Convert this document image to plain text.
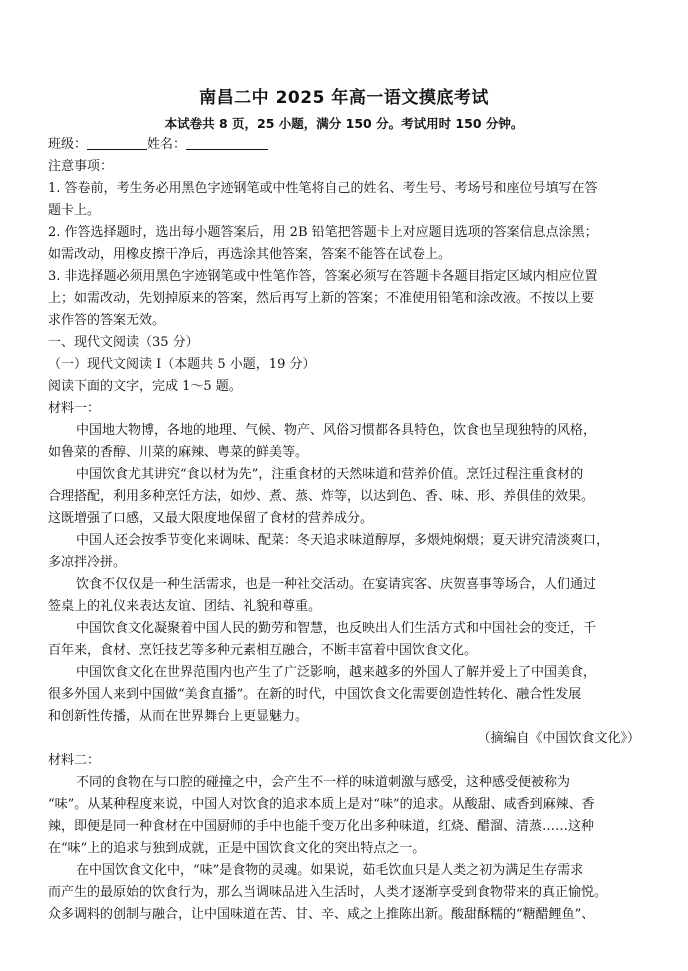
南昌二中 2025 年高一语文摸底考试
本试卷共 8 页，25 小题，满分 150 分。考试用时 150 分钟。
班级：	姓名：
注意事项：
1. 答卷前，考生务必用黑色字迹钢笔或中性笔将自己的姓名、考生号、考场号和座位号填写在答
题卡上。
2. 作答选择题时，选出每小题答案后，用 2B 铅笔把答题卡上对应题目选项的答案信息点涂黑；
如需改动，用橡皮擦干净后，再选涂其他答案，答案不能答在试卷上。
3. 非选择题必须用黑色字迹钢笔或中性笔作答，答案必须写在答题卡各题目指定区域内相应位置
上；如需改动，先划掉原来的答案，然后再写上新的答案；不准使用铅笔和涂改液。不按以上要
求作答的答案无效。
一、现代文阅读（35 分）
（一）现代文阅读 I（本题共 5 小题，19 分）
阅读下面的文字，完成 1～5 题。
材料一：
中国地大物博，各地的地理、气候、物产、风俗习惯都各具特色，饮食也呈现独特的风格，
如鲁菜的香醇、川菜的麻辣、粤菜的鲜美等。
中国饮食尤其讲究“食以材为先”，注重食材的天然味道和营养价值。烹饪过程注重食材的
合理搭配，利用多种烹饪方法，如炒、煮、蒸、炸等，以达到色、香、味、形、养俱佳的效果。
这既增强了口感，又最大限度地保留了食材的营养成分。
中国人还会按季节变化来调味、配菜：冬天追求味道醇厚，多煨炖焖煨；夏天讲究清淡爽口，
多凉拌冷拼。
饮食不仅仅是一种生活需求，也是一种社交活动。在宴请宾客、庆贺喜事等场合，人们通过
签桌上的礼仪来表达友谊、团结、礼貌和尊重。
中国饮食文化凝聚着中国人民的勤劳和智慧，也反映出人们生活方式和中国社会的变迁，千
百年来，食材、烹饪技艺等多种元素相互融合，不断丰富着中国饮食文化。
中国饮食文化在世界范围内也产生了广泛影响，越来越多的外国人了解并爱上了中国美食，
很多外国人来到中国做“美食直播”。在新的时代，中国饮食文化需要创造性转化、融合性发展
和创新性传播，从而在世界舞台上更显魅力。
（摘编自《中国饮食文化》）
材料二：
不同的食物在与口腔的碰撞之中，会产生不一样的味道刺激与感受，这种感受便被称为
“味”。从某种程度来说，中国人对饮食的追求本质上是对“味”的追求。从酸甜、咸香到麻辣、香
辣，即便是同一种食材在中国厨师的手中也能千变万化出多种味道，红烧、醋溜、清蒸……这种
在“味”上的追求与独到成就，正是中国饮食文化的突出特点之一。
在中国饮食文化中，“味”是食物的灵魂。如果说，茹毛饮血只是人类之初为满足生存需求
而产生的最原始的饮食行为，那么当调味品进入生活时，人类才逐渐享受到食物带来的真正愉悦。
众多调料的创制与融合，让中国味道在苦、甘、辛、咸之上推陈出新。酸甜酥糯的“糖醋鲤鱼”、
